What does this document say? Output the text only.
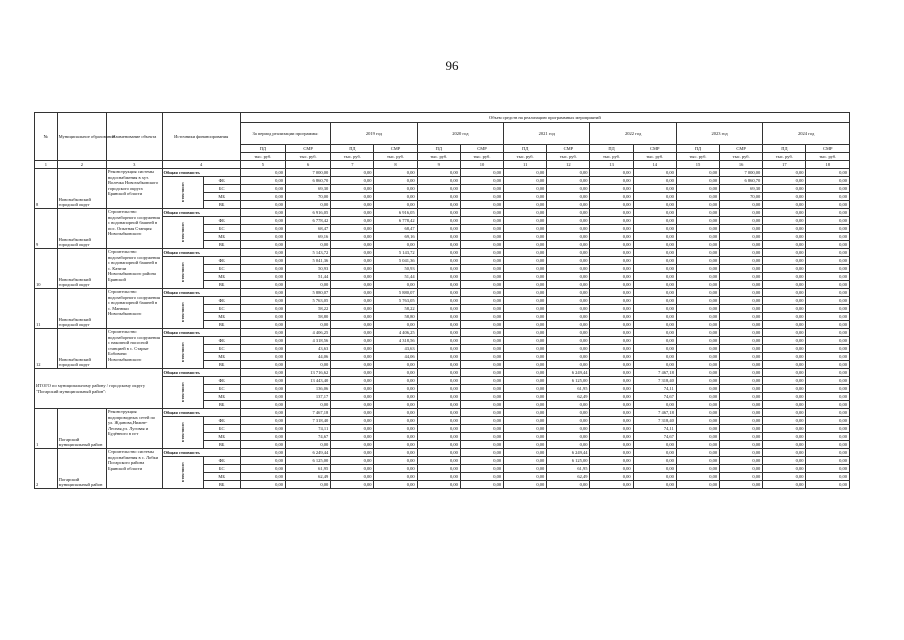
96
№	Муниципальное образование	Наименование объекта	Источники финансирования		Объем средств на реализацию программных мероприятий													
					За период реализации программы:		2019 год		2020 год		2021 год		2022 год		2023 год		2024 год	
					ПД	СМР	ПД	СМР	ПД	СМР	ПД	СМР	ПД	СМР	ПД	СМР	ПД	СМР
					тыс. руб.	тыс. руб.	тыс. руб.	тыс. руб.	тыс. руб.	тыс. руб.	тыс. руб.	тыс. руб.	тыс. руб.	тыс. руб.	тыс. руб.	тыс. руб.	тыс. руб.	тыс. руб.
1	2	3	4		5	6	7	8	9	10	11	12	13	14	15	16	17	18
8	Новозыбковский городской округ	Реконструкция системы водоснабжения в хут. Волечка Новозыбковского городского округа Брянской области	Общая стоимость		0,00	7 000,00	0,00	0,00	0,00	0,00	0,00	0,00	0,00	0,00	0,00	7 000,00	0,00	0,00

			в том числе:	ФБ	0,00	6 860,70	0,00	0,00	0,00	0,00	0,00	0,00	0,00	0,00	0,00	6 860,70	0,00	0,00
				БС	0,00	69,30	0,00	0,00	0,00	0,00	0,00	0,00	0,00	0,00	0,00	69,30	0,00	0,00
				МБ	0,00	70,00	0,00	0,00	0,00	0,00	0,00	0,00	0,00	0,00	0,00	70,00	0,00	0,00
				ВБ	0,00	0,00	0,00	0,00	0,00	0,00	0,00	0,00	0,00	0,00	0,00	0,00	0,00	0,00
9	Новозыбковский городской округ	Строительство водозаборного сооружения с водонапорной башней в пос. Опытная Станция Новозыбковского	Общая стоимость		0,00	6 916,05	0,00	6 916,05	0,00	0,00	0,00	0,00	0,00	0,00	0,00	0,00	0,00	0,00

			в том числе:	ФБ	0,00	6 778,42	0,00	6 778,42	0,00	0,00	0,00	0,00	0,00	0,00	0,00	0,00	0,00	0,00
				БС	0,00	68,47	0,00	68,47	0,00	0,00	0,00	0,00	0,00	0,00	0,00	0,00	0,00	0,00
				МБ	0,00	69,16	0,00	69,16	0,00	0,00	0,00	0,00	0,00	0,00	0,00	0,00	0,00	0,00
				ВБ	0,00	0,00	0,00	0,00	0,00	0,00	0,00	0,00	0,00	0,00	0,00	0,00	0,00	0,00
10	Новозыбковский городской округ	Строительство водозаборного сооружения с водонапорной башней в с. Катичи Новозыбковского района Брянской	Общая стоимость		0,00	5 143,72	0,00	5 143,72	0,00	0,00	0,00	0,00	0,00	0,00	0,00	0,00	0,00	0,00

			в том числе:	ФБ	0,00	5 041,36	0,00	5 041,36	0,00	0,00	0,00	0,00	0,00	0,00	0,00	0,00	0,00	0,00
				БС	0,00	50,93	0,00	50,93	0,00	0,00	0,00	0,00	0,00	0,00	0,00	0,00	0,00	0,00
				МБ	0,00	51,44	0,00	51,44	0,00	0,00	0,00	0,00	0,00	0,00	0,00	0,00	0,00	0,00
				ВБ	0,00	0,00	0,00	0,00	0,00	0,00	0,00	0,00	0,00	0,00	0,00	0,00	0,00	0,00
11	Новозыбковский городской округ	Строительство водозаборного сооружения с водонапорной башней в с. Манюки Новозыбковского	Общая стоимость		0,00	5 880,07	0,00	5 880,07	0,00	0,00	0,00	0,00	0,00	0,00	0,00	0,00	0,00	0,00

			в том числе:	ФБ	0,00	5 763,05	0,00	5 763,05	0,00	0,00	0,00	0,00	0,00	0,00	0,00	0,00	0,00	0,00
				БС	0,00	58,22	0,00	58,22	0,00	0,00	0,00	0,00	0,00	0,00	0,00	0,00	0,00	0,00
				МБ	0,00	58,80	0,00	58,80	0,00	0,00	0,00	0,00	0,00	0,00	0,00	0,00	0,00	0,00
				ВБ	0,00	0,00	0,00	0,00	0,00	0,00	0,00	0,00	0,00	0,00	0,00	0,00	0,00	0,00
12	Новозыбковский городской округ	Строительство водозаборного сооружения с накопной насосной станцией в с. Старые Бобовичи Новозыбковского	Общая стоимость		0,00	4 406,25	0,00	4 406,25	0,00	0,00	0,00	0,00	0,00	0,00	0,00	0,00	0,00	0,00

			в том числе:	ФБ	0,00	4 318,56	0,00	4 318,56	0,00	0,00	0,00	0,00	0,00	0,00	0,00	0,00	0,00	0,00
				БС	0,00	43,63	0,00	43,63	0,00	0,00	0,00	0,00	0,00	0,00	0,00	0,00	0,00	0,00
				МБ	0,00	44,06	0,00	44,06	0,00	0,00	0,00	0,00	0,00	0,00	0,00	0,00	0,00	0,00
				ВБ	0,00	0,00	0,00	0,00	0,00	0,00	0,00	0,00	0,00	0,00	0,00	0,00	0,00	0,00
ИТОГО по муниципальному району / городскому округу "Погарский муниципальный район":			Общая стоимость		0,00	13 716,62	0,00	0,00	0,00	0,00	0,00	6 249,44	0,00	7 467,18	0,00	0,00	0,00	0,00

			в том числе:	ФБ	0,00	13 443,40	0,00	0,00	0,00	0,00	0,00	6 125,00	0,00	7 318,40	0,00	0,00	0,00	0,00
				БС	0,00	136,06	0,00	0,00	0,00	0,00	0,00	61,95	0,00	74,11	0,00	0,00	0,00	0,00
				МБ	0,00	137,17	0,00	0,00	0,00	0,00	0,00	62,49	0,00	74,67	0,00	0,00	0,00	0,00
				ВБ	0,00	0,00	0,00	0,00	0,00	0,00	0,00	0,00	0,00	0,00	0,00	0,00	0,00	0,00
1	Погарский муниципальный район	Реконструкция водопроводных сетей по ул. Жданова,Нижне-Лесная,ул. Луговая и Будённого в пгт	Общая стоимость		0,00	7 467,18	0,00	0,00	0,00	0,00	0,00	0,00	0,00	7 467,18	0,00	0,00	0,00	0,00

			в том числе:	ФБ	0,00	7 318,40	0,00	0,00	0,00	0,00	0,00	0,00	0,00	7 318,40	0,00	0,00	0,00	0,00
				БС	0,00	74,11	0,00	0,00	0,00	0,00	0,00	0,00	0,00	74,11	0,00	0,00	0,00	0,00
				МБ	0,00	74,67	0,00	0,00	0,00	0,00	0,00	0,00	0,00	74,67	0,00	0,00	0,00	0,00
				ВБ	0,00	0,00	0,00	0,00	0,00	0,00	0,00	0,00	0,00	0,00	0,00	0,00	0,00	0,00
2	Погарский муниципальный район	Строительство системы водоснабжения в с. Лобки Погарского района Брянской области	Общая стоимость		0,00	6 249,44	0,00	0,00	0,00	0,00	0,00	6 249,44	0,00	0,00	0,00	0,00	0,00	0,00

			в том числе:	ФБ	0,00	6 125,00	0,00	0,00	0,00	0,00	0,00	6 125,00	0,00	0,00	0,00	0,00	0,00	0,00
				БС	0,00	61,95	0,00	0,00	0,00	0,00	0,00	61,95	0,00	0,00	0,00	0,00	0,00	0,00
				МБ	0,00	62,49	0,00	0,00	0,00	0,00	0,00	62,49	0,00	0,00	0,00	0,00	0,00	0,00
				ВБ	0,00	0,00	0,00	0,00	0,00	0,00	0,00	0,00	0,00	0,00	0,00	0,00	0,00	0,00
